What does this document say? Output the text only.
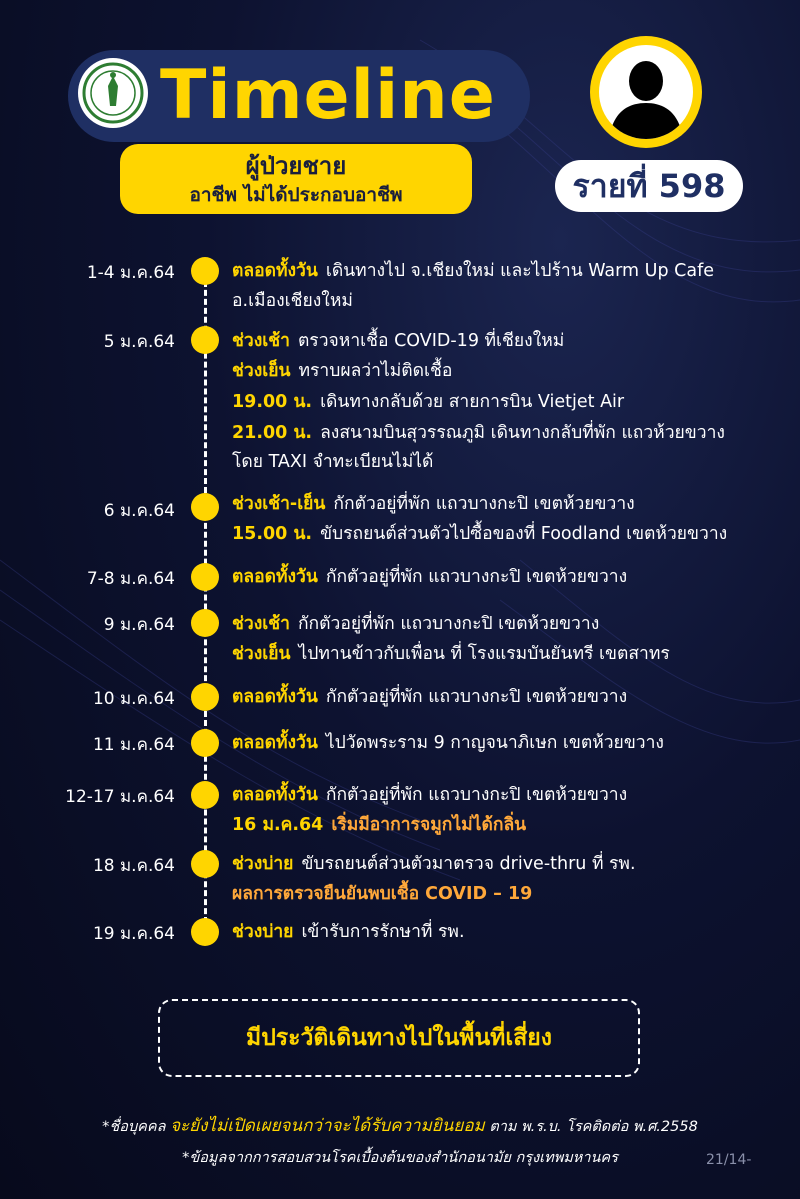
Timeline
ผู้ป่วยชาย
อาชีพ ไม่ได้ประกอบอาชีพ	รายที่ 598
1-4 ม.ค.64	ตลอดทั้งวัน เดินทางไป จ.เชียงใหม่ และไปร้าน Warm Up Cafe
อ.เมืองเชียงใหม่
5 ม.ค.64	ช่วงเช้า ตรวจหาเชื้อ COVID-19 ที่เชียงใหม่
ช่วงเย็น ทราบผลว่าไม่ติดเชื้อ
19.00 น. เดินทางกลับด้วย สายการบิน Vietjet Air
21.00 น. ลงสนามบินสุวรรณภูมิ เดินทางกลับที่พัก แถวห้วยขวาง
โดย TAXI จำทะเบียนไม่ได้
6 ม.ค.64	ช่วงเช้า-เย็น กักตัวอยู่ที่พัก แถวบางกะปิ เขตห้วยขวาง
15.00 น. ขับรถยนต์ส่วนตัวไปซื้อของที่ Foodland เขตห้วยขวาง
7-8 ม.ค.64	ตลอดทั้งวัน กักตัวอยู่ที่พัก แถวบางกะปิ เขตห้วยขวาง
9 ม.ค.64	ช่วงเช้า กักตัวอยู่ที่พัก แถวบางกะปิ เขตห้วยขวาง
ช่วงเย็น ไปทานข้าวกับเพื่อน ที่ โรงแรมบันยันทรี เขตสาทร
10 ม.ค.64	ตลอดทั้งวัน กักตัวอยู่ที่พัก แถวบางกะปิ เขตห้วยขวาง
11 ม.ค.64	ตลอดทั้งวัน ไปวัดพระราม 9 กาญจนาภิเษก เขตห้วยขวาง
12-17 ม.ค.64	ตลอดทั้งวัน กักตัวอยู่ที่พัก แถวบางกะปิ เขตห้วยขวาง
16 ม.ค.64 เริ่มมีอาการจมูกไม่ได้กลิ่น
18 ม.ค.64	ช่วงบ่าย ขับรถยนต์ส่วนตัวมาตรวจ drive-thru ที่ รพ.
ผลการตรวจยืนยันพบเชื้อ COVID – 19
19 ม.ค.64	ช่วงบ่าย เข้ารับการรักษาที่ รพ.
มีประวัติเดินทางไปในพื้นที่เสี่ยง
*ชื่อบุคคล จะยังไม่เปิดเผยจนกว่าจะได้รับความยินยอม ตาม พ.ร.บ. โรคติดต่อ พ.ศ.2558
*ข้อมูลจากการสอบสวนโรคเบื้องต้นของสำนักอนามัย กรุงเทพมหานคร	21/14-
